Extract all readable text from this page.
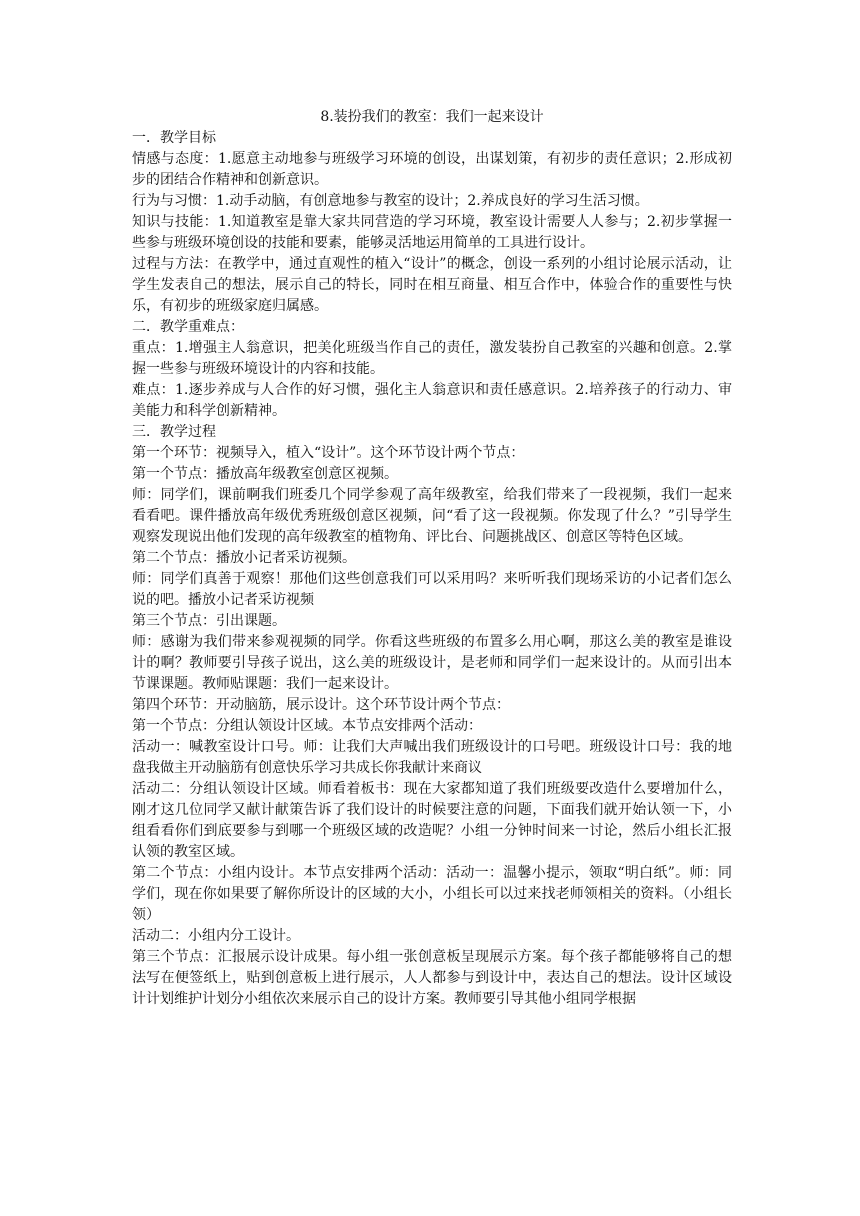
8.装扮我们的教室：我们一起来设计

一．教学目标

情感与态度：1.愿意主动地参与班级学习环境的创设，出谋划策，有初步的责任意识；2.形成初步的团结合作精神和创新意识。

行为与习惯：1.动手动脑，有创意地参与教室的设计；2.养成良好的学习生活习惯。

知识与技能：1.知道教室是靠大家共同营造的学习环境，教室设计需要人人参与；2.初步掌握一些参与班级环境创设的技能和要素，能够灵活地运用简单的工具进行设计。

过程与方法：在教学中，通过直观性的植入“设计”的概念，创设一系列的小组讨论展示活动，让学生发表自己的想法，展示自己的特长，同时在相互商量、相互合作中，体验合作的重要性与快乐，有初步的班级家庭归属感。

二．教学重难点：

重点：1.增强主人翁意识，把美化班级当作自己的责任，激发装扮自己教室的兴趣和创意。2.掌握一些参与班级环境设计的内容和技能。

难点：1.逐步养成与人合作的好习惯，强化主人翁意识和责任感意识。2.培养孩子的行动力、审美能力和科学创新精神。

三．教学过程

第一个环节：视频导入，植入“设计”。这个环节设计两个节点：

第一个节点：播放高年级教室创意区视频。

师：同学们，课前啊我们班委几个同学参观了高年级教室，给我们带来了一段视频，我们一起来看看吧。课件播放高年级优秀班级创意区视频，问“看了这一段视频。你发现了什么？”引导学生观察发现说出他们发现的高年级教室的植物角、评比台、问题挑战区、创意区等特色区域。

第二个节点：播放小记者采访视频。

师：同学们真善于观察！那他们这些创意我们可以采用吗？来听听我们现场采访的小记者们怎么说的吧。播放小记者采访视频

第三个节点：引出课题。

师：感谢为我们带来参观视频的同学。你看这些班级的布置多么用心啊，那这么美的教室是谁设计的啊？教师要引导孩子说出，这么美的班级设计，是老师和同学们一起来设计的。从而引出本节课课题。教师贴课题：我们一起来设计。

第四个环节：开动脑筋，展示设计。这个环节设计两个节点：

第一个节点：分组认领设计区域。本节点安排两个活动：

活动一：喊教室设计口号。师：让我们大声喊出我们班级设计的口号吧。班级设计口号：我的地盘我做主开动脑筋有创意快乐学习共成长你我献计来商议

活动二：分组认领设计区域。师看着板书：现在大家都知道了我们班级要改造什么要增加什么，刚才这几位同学又献计献策告诉了我们设计的时候要注意的问题，下面我们就开始认领一下，小组看看你们到底要参与到哪一个班级区域的改造呢？小组一分钟时间来一讨论，然后小组长汇报认领的教室区域。

第二个节点：小组内设计。本节点安排两个活动：活动一：温馨小提示，领取“明白纸”。师：同学们，现在你如果要了解你所设计的区域的大小，小组长可以过来找老师领相关的资料。（小组长领）

活动二：小组内分工设计。

第三个节点：汇报展示设计成果。每小组一张创意板呈现展示方案。每个孩子都能够将自己的想法写在便签纸上，贴到创意板上进行展示，人人都参与到设计中，表达自己的想法。设计区域设计计划维护计划分小组依次来展示自己的设计方案。教师要引导其他小组同学根据
